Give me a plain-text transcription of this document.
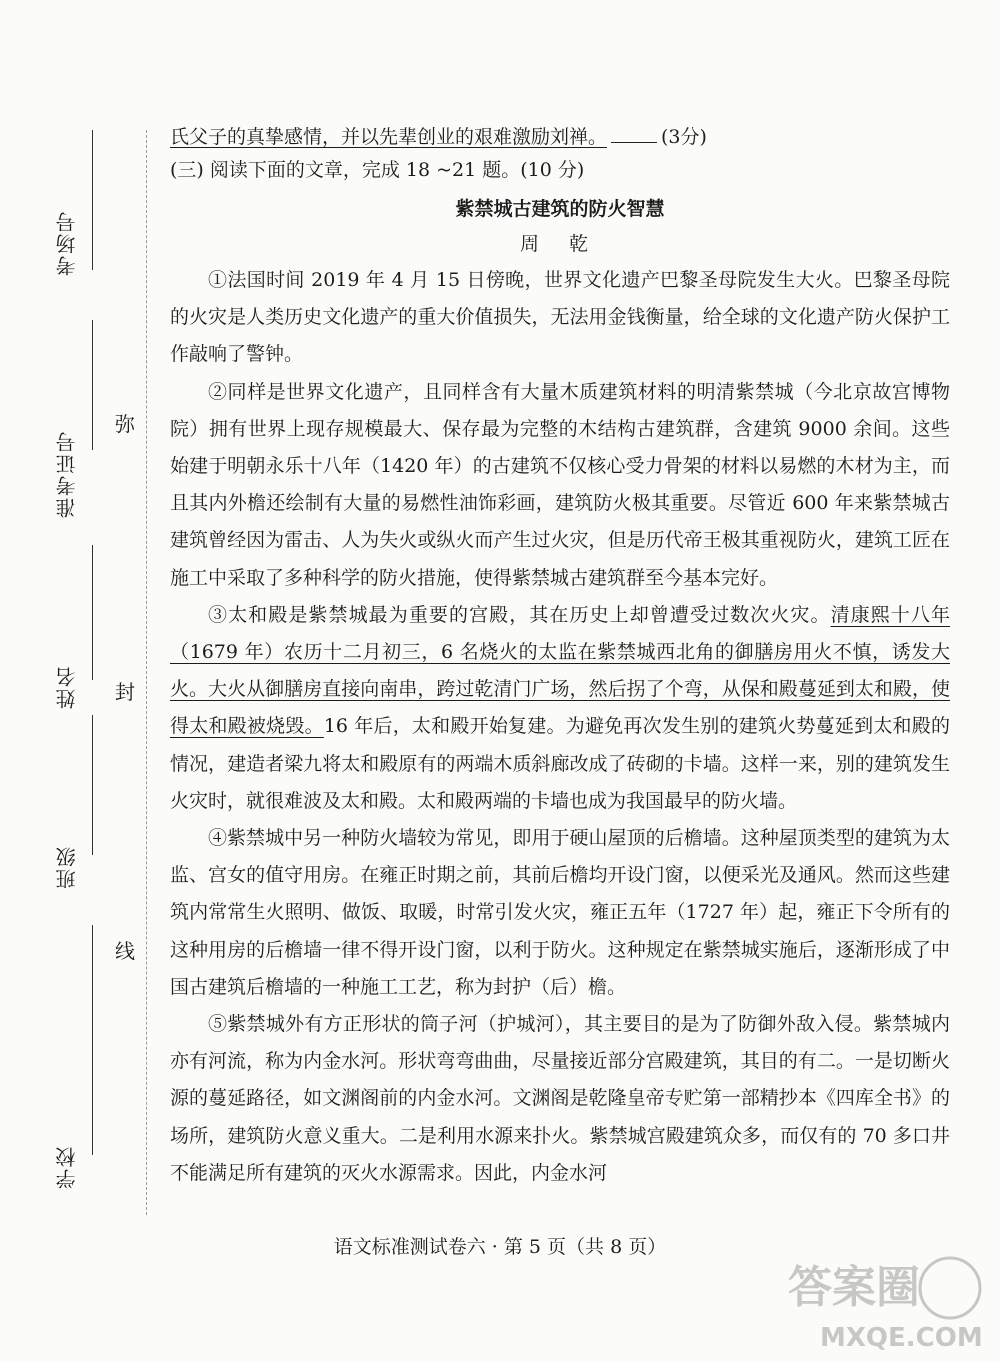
考场号
准考证号
姓名
班级
学校
弥
封
线

氏父子的真挚感情，并以先辈创业的艰难激励刘禅。	(3分)

(三) 阅读下面的文章，完成 18 ~21 题。(10 分)

紫禁城古建筑的防火智慧

周 乾

①法国时间 2019 年 4 月 15 日傍晚，世界文化遗产巴黎圣母院发生大火。巴黎圣母院的火灾是人类历史文化遗产的重大价值损失，无法用金钱衡量，给全球的文化遗产防火保护工作敲响了警钟。

②同样是世界文化遗产，且同样含有大量木质建筑材料的明清紫禁城（今北京故宫博物院）拥有世界上现存规模最大、保存最为完整的木结构古建筑群，含建筑 9000 余间。这些始建于明朝永乐十八年（1420 年）的古建筑不仅核心受力骨架的材料以易燃的木材为主，而且其内外檐还绘制有大量的易燃性油饰彩画，建筑防火极其重要。尽管近 600 年来紫禁城古建筑曾经因为雷击、人为失火或纵火而产生过火灾，但是历代帝王极其重视防火，建筑工匠在施工中采取了多种科学的防火措施，使得紫禁城古建筑群至今基本完好。

③太和殿是紫禁城最为重要的宫殿，其在历史上却曾遭受过数次火灾。清康熙十八年（1679 年）农历十二月初三，6 名烧火的太监在紫禁城西北角的御膳房用火不慎，诱发大火。大火从御膳房直接向南串，跨过乾清门广场，然后拐了个弯，从保和殿蔓延到太和殿，使得太和殿被烧毁。16 年后，太和殿开始复建。为避免再次发生别的建筑火势蔓延到太和殿的情况，建造者梁九将太和殿原有的两端木质斜廊改成了砖砌的卡墙。这样一来，别的建筑发生火灾时，就很难波及太和殿。太和殿两端的卡墙也成为我国最早的防火墙。

④紫禁城中另一种防火墙较为常见，即用于硬山屋顶的后檐墙。这种屋顶类型的建筑为太监、宫女的值守用房。在雍正时期之前，其前后檐均开设门窗，以便采光及通风。然而这些建筑内常常生火照明、做饭、取暖，时常引发火灾，雍正五年（1727 年）起，雍正下令所有的这种用房的后檐墙一律不得开设门窗，以利于防火。这种规定在紫禁城实施后，逐渐形成了中国古建筑后檐墙的一种施工工艺，称为封护（后）檐。

⑤紫禁城外有方正形状的筒子河（护城河），其主要目的是为了防御外敌入侵。紫禁城内亦有河流，称为内金水河。形状弯弯曲曲，尽量接近部分宫殿建筑，其目的有二。一是切断火源的蔓延路径，如文渊阁前的内金水河。文渊阁是乾隆皇帝专贮第一部精抄本《四库全书》的场所，建筑防火意义重大。二是利用水源来扑火。紫禁城宫殿建筑众多，而仅有的 70 多口井不能满足所有建筑的灭火水源需求。因此，内金水河

语文标准测试卷六 · 第 5 页（共 8 页）
答案圈
MXQE.COM
